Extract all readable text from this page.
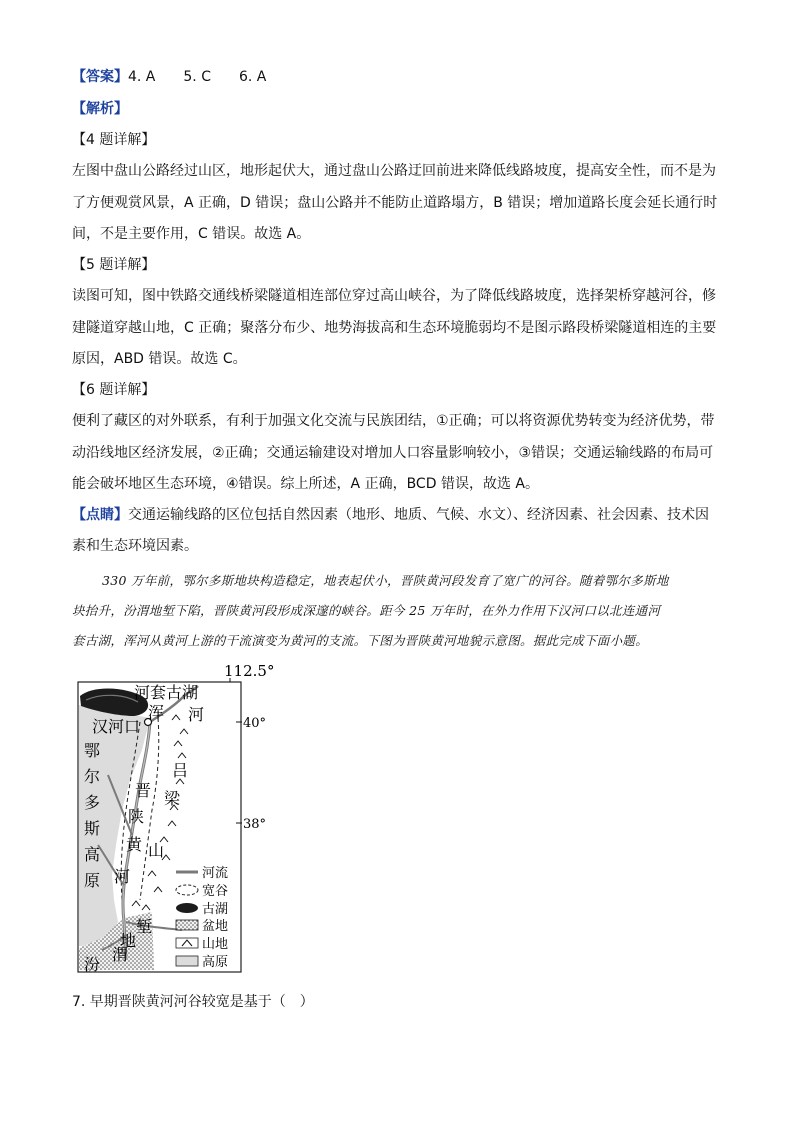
【答案】4. A　　5. C　　6. A
【解析】
【4 题详解】
左图中盘山公路经过山区，地形起伏大，通过盘山公路迂回前进来降低线路坡度，提高安全性，而不是为
了方便观赏风景，A 正确，D 错误；盘山公路并不能防止道路塌方，B 错误；增加道路长度会延长通行时
间，不是主要作用，C 错误。故选 A。
【5 题详解】
读图可知，图中铁路交通线桥梁隧道相连部位穿过高山峡谷，为了降低线路坡度，选择架桥穿越河谷，修
建隧道穿越山地，C 正确；聚落分布少、地势海拔高和生态环境脆弱均不是图示路段桥梁隧道相连的主要
原因，ABD 错误。故选 C。
【6 题详解】
便利了藏区的对外联系，有利于加强文化交流与民族团结，①正确；可以将资源优势转变为经济优势，带
动沿线地区经济发展，②正确；交通运输建设对增加人口容量影响较小，③错误；交通运输线路的布局可
能会破坏地区生态环境，④错误。综上所述，A 正确，BCD 错误，故选 A。
【点睛】交通运输线路的区位包括自然因素（地形、地质、气候、水文）、经济因素、社会因素、技术因
素和生态环境因素。
330 万年前，鄂尔多斯地块构造稳定，地表起伏小，晋陕黄河段发育了宽广的河谷。随着鄂尔多斯地
块抬升，汾渭地堑下陷，晋陕黄河段形成深邃的峡谷。距今 25 万年时，在外力作用下汉河口以北连通河
套古湖，浑河从黄河上游的干流演变为黄河的支流。下图为晋陕黄河地貌示意图。据此完成下面小题。
112.5°
40°
38°
河套古湖
浑 河
汉河口
吕
梁
山
晋
陕
黄
河
鄂
尔
多
斯
高
原
堑
地
渭
汾
河流
宽谷
古湖
盆地
山地
高原
7. 早期晋陕黄河河谷较宽是基于（　）
